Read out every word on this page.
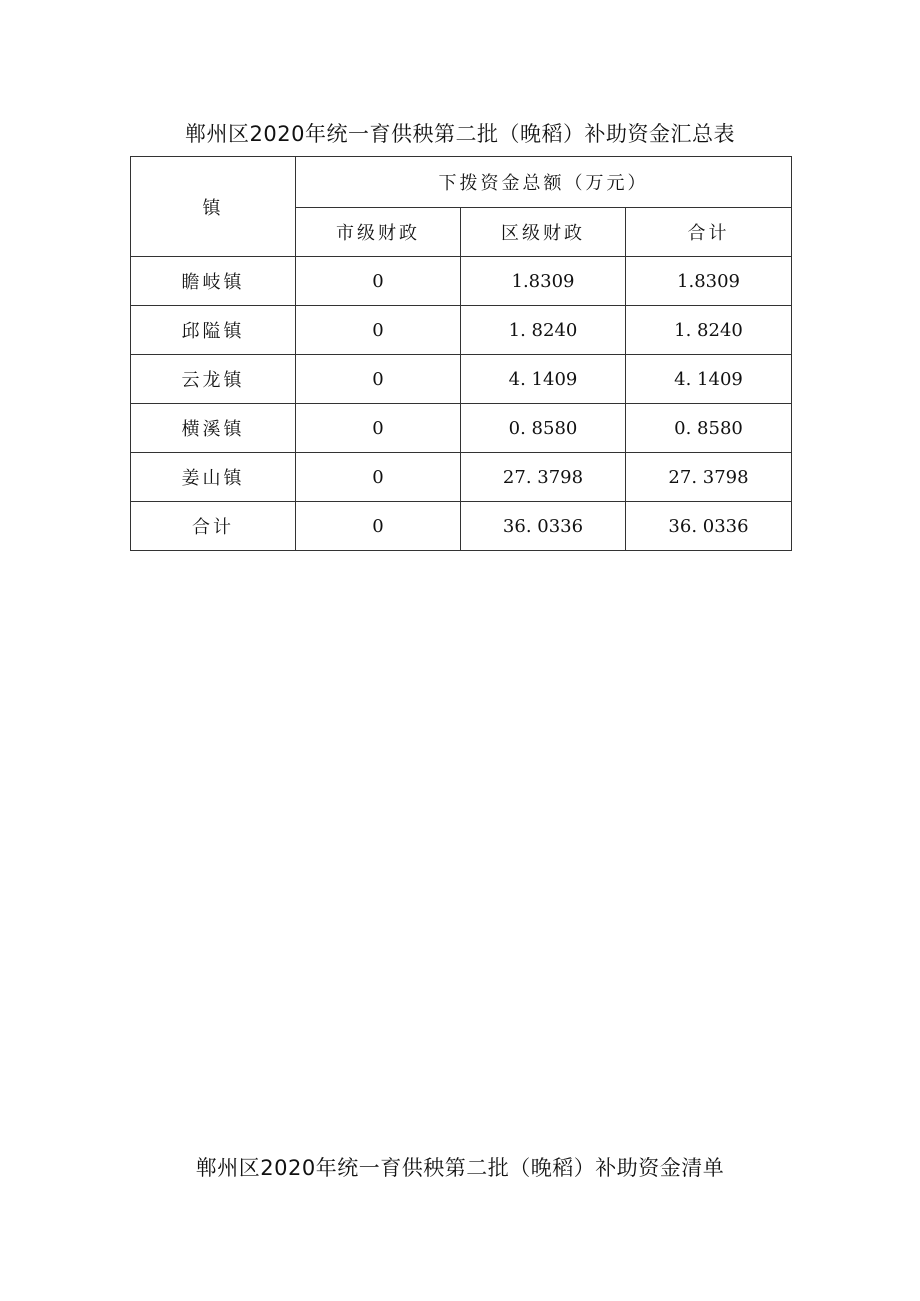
郸州区2020年统一育供秧第二批（晚稻）补助资金汇总表
镇	下拨资金总额（万元）		
	市级财政	区级财政	合计
瞻岐镇	0	1.8309	1.8309
邱隘镇	0	1. 8240	1. 8240
云龙镇	0	4. 1409	4. 1409
横溪镇	0	0. 8580	0. 8580
姜山镇	0	27. 3798	27. 3798
合计	0	36. 0336	36. 0336
郸州区2020年统一育供秧第二批（晚稻）补助资金清单
